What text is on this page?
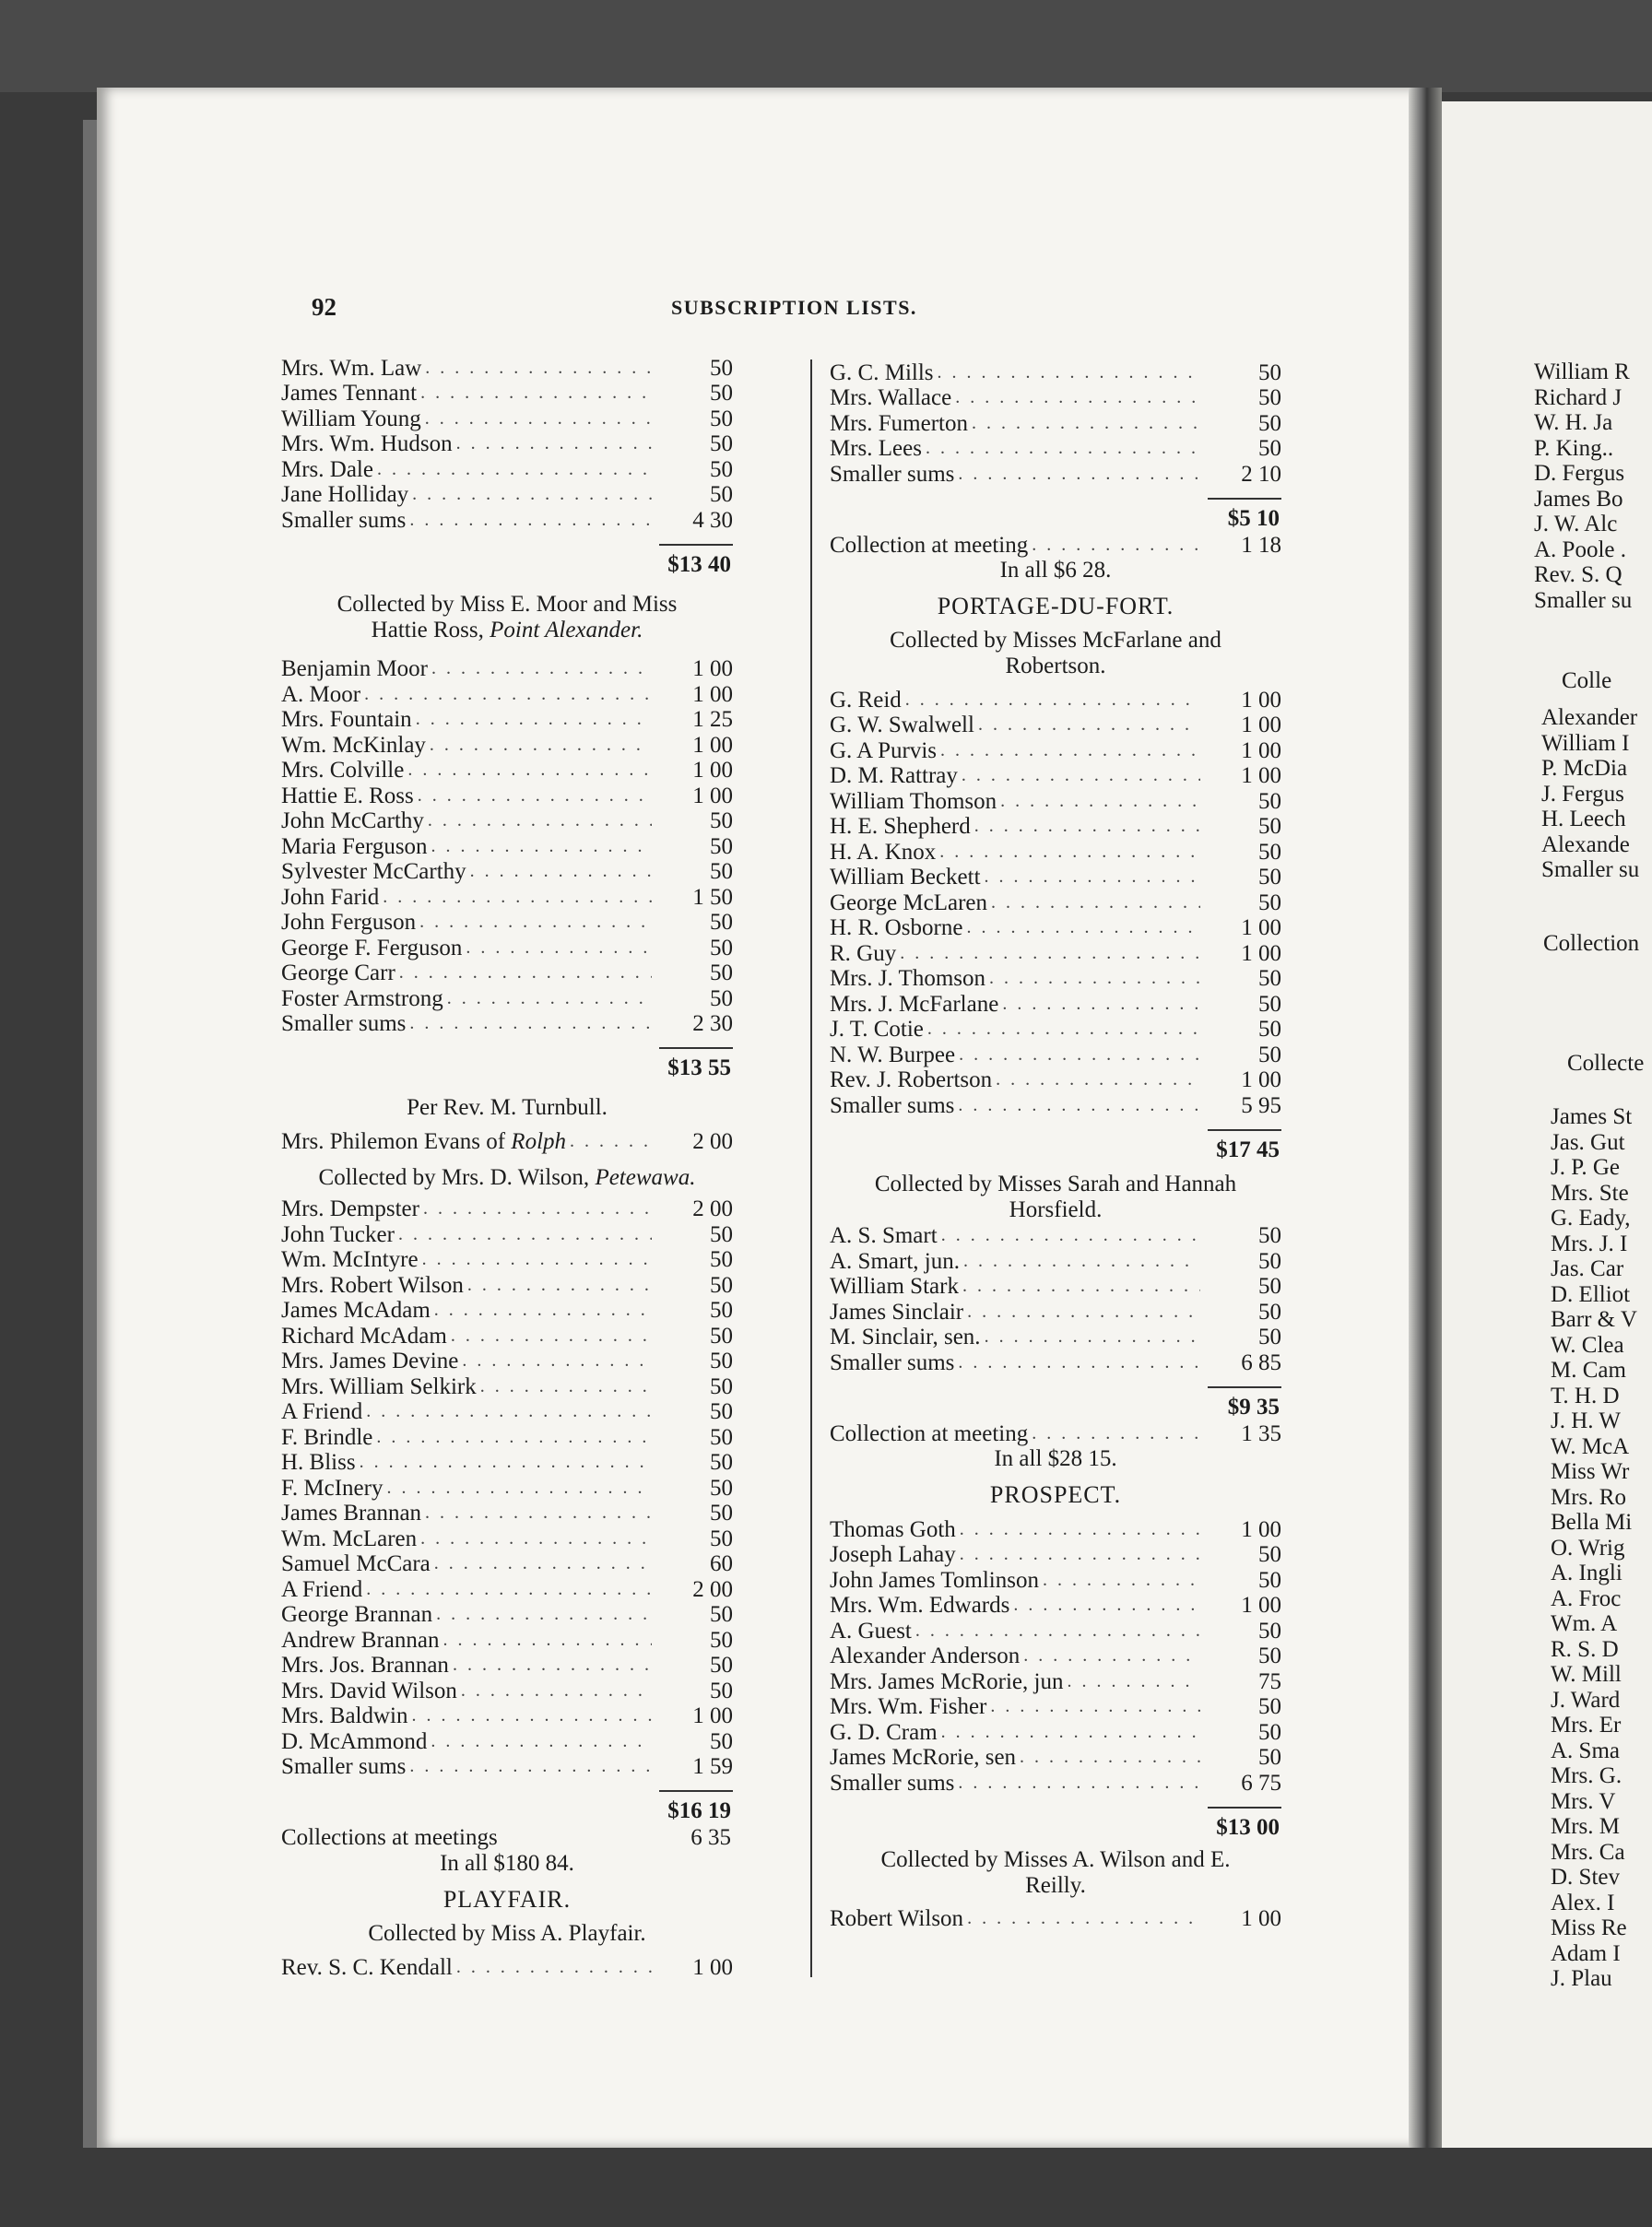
William R
Richard J
W. H. Ja
P. King..
D. Fergus
James Bo
J. W. Alc
A. Poole .
Rev. S. Q
Smaller su
Colle
Alexander
William I
P. McDia
J. Fergus
H. Leech
Alexande
Smaller su
Collection
Collecte
James St
Jas. Gut
J. P. Ge
Mrs. Ste
G. Eady,
Mrs. J. I
Jas. Car
D. Elliot
Barr & V
W. Clea
M. Cam
T. H. D
J. H. W
W. McA
Miss Wr
Mrs. Ro
Bella Mi
O. Wrig
A. Ingli
A. Froc
Wm. A
R. S. D
W. Mill
J. Ward
Mrs. Er
A. Sma
Mrs. G.
Mrs. V
Mrs. M
Mrs. Ca
D. Stev
Alex. I
Miss Re
Adam I
J. Plau
92	SUBSCRIPTION LISTS.
Mrs. Wm. Law . . .	50
James Tennant . . .	50
William Young . . .	50
Mrs. Wm. Hudson . . .	50
Mrs. Dale . . .	50
Jane Holliday . . .	50
Smaller sums . . .	4 30
$13 40
Collected by Miss E. Moor and Miss
Hattie Ross, Point Alexander.
Benjamin Moor . . .	1 00
A. Moor . . .	1 00
Mrs. Fountain . . .	1 25
Wm. McKinlay . . .	1 00
Mrs. Colville . . .	1 00
Hattie E. Ross . . .	1 00
John McCarthy . . .	50
Maria Ferguson . . .	50
Sylvester McCarthy . . .	50
John Farid . . .	1 50
John Ferguson . . .	50
George F. Ferguson . . .	50
George Carr . . .	50
Foster Armstrong . . .	50
Smaller sums . . .	2 30
$13 55
Per Rev. M. Turnbull.
Mrs. Philemon Evans of Rolph . . .	2 00
Collected by Mrs. D. Wilson, Petewawa.
Mrs. Dempster . . .	2 00
John Tucker . . .	50
Wm. McIntyre . . .	50
Mrs. Robert Wilson . . .	50
James McAdam . . .	50
Richard McAdam . . .	50
Mrs. James Devine . . .	50
Mrs. William Selkirk . . .	50
A Friend . . .	50
F. Brindle . . .	50
H. Bliss . . .	50
F. McInery . . .	50
James Brannan . . .	50
Wm. McLaren . . .	50
Samuel McCara . . .	60
A Friend . . .	2 00
George Brannan . . .	50
Andrew Brannan . . .	50
Mrs. Jos. Brannan . . .	50
Mrs. David Wilson . . .	50
Mrs. Baldwin . . .	1 00
D. McAmmond . . .	50
Smaller sums . . .	1 59
$16 19
Collections at meetings	6 35
In all $180 84.
PLAYFAIR.
Collected by Miss A. Playfair.
Rev. S. C. Kendall . . .	1 00
G. C. Mills . . .	50
Mrs. Wallace . . .	50
Mrs. Fumerton . . .	50
Mrs. Lees . . .	50
Smaller sums . . .	2 10
$5 10
Collection at meeting . . .	1 18
In all $6 28.
PORTAGE-DU-FORT.
Collected by Misses McFarlane and
Robertson.
G. Reid . . .	1 00
G. W. Swalwell . . .	1 00
G. A Purvis . . .	1 00
D. M. Rattray . . .	1 00
William Thomson . . .	50
H. E. Shepherd . . .	50
H. A. Knox . . .	50
William Beckett . . .	50
George McLaren . . .	50
H. R. Osborne . . .	1 00
R. Guy . . .	1 00
Mrs. J. Thomson . . .	50
Mrs. J. McFarlane . . .	50
J. T. Cotie . . .	50
N. W. Burpee . . .	50
Rev. J. Robertson . . .	1 00
Smaller sums . . .	5 95
$17 45
Collected by Misses Sarah and Hannah
Horsfield.
A. S. Smart . . .	50
A. Smart, jun. . . .	50
William Stark . . .	50
James Sinclair . . .	50
M. Sinclair, sen. . . .	50
Smaller sums . . .	6 85
$9 35
Collection at meeting . . .	1 35
In all $28 15.
PROSPECT.
Thomas Goth . . .	1 00
Joseph Lahay . . .	50
John James Tomlinson . . .	50
Mrs. Wm. Edwards . . .	1 00
A. Guest . . .	50
Alexander Anderson . . .	50
Mrs. James McRorie, jun . . .	75
Mrs. Wm. Fisher . . .	50
G. D. Cram . . .	50
James McRorie, sen . . .	50
Smaller sums . . .	6 75
$13 00
Collected by Misses A. Wilson and E.
Reilly.
Robert Wilson . . .	1 00
